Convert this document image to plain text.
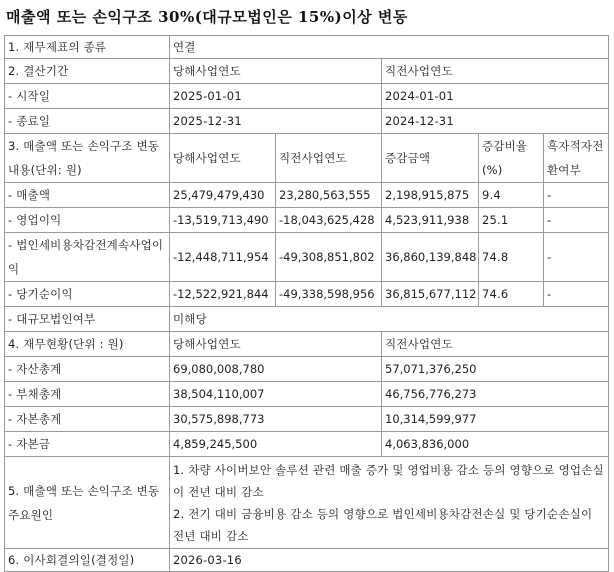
매출액 또는 손익구조 30%(대규모법인은 15%)이상 변동
1. 재무제표의 종류	연결				
2. 결산기간	당해사업연도		직전사업연도		
- 시작일	2025-01-01		2024-01-01		
- 종료일	2025-12-31		2024-12-31		
3. 매출액 또는 손익구조 변동내용(단위: 원)	당해사업연도	직전사업연도	증감금액	증감비율(%)	흑자적자전환여부
- 매출액	25,479,479,430	23,280,563,555	2,198,915,875	9.4	-
- 영업이익	-13,519,713,490	-18,043,625,428	4,523,911,938	25.1	-
- 법인세비용차감전계속사업이익	-12,448,711,954	-49,308,851,802	36,860,139,848	74.8	-
- 당기순이익	-12,522,921,844	-49,338,598,956	36,815,677,112	74.6	-
- 대규모법인여부	미해당				
4. 재무현황(단위 : 원)	당해사업연도		직전사업연도		
- 자산총계	69,080,008,780		57,071,376,250		
- 부채총계	38,504,110,007		46,756,776,273		
- 자본총계	30,575,898,773		10,314,599,977		
- 자본금	4,859,245,500		4,063,836,000		
5. 매출액 또는 손익구조 변동 주요원인	1. 차량 사이버보안 솔루션 관련 매출 증가 및 영업비용 감소 등의 영향으로 영업손실이 전년 대비 감소
2. 전기 대비 금융비용 감소 등의 영향으로 법인세비용차감전손실 및 당기순손실이 전년 대비 감소				
6. 이사회결의일(결정일)	2026-03-16				
